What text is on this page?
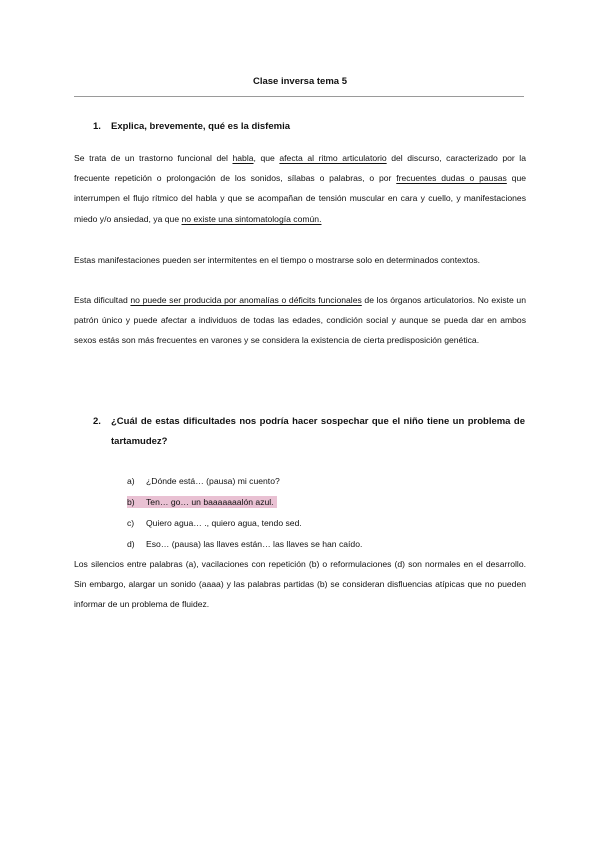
Clase inversa tema 5
1. Explica, brevemente, qué es la disfemia
Se trata de un trastorno funcional del habla, que afecta al ritmo articulatorio del discurso, caracterizado por la frecuente repetición o prolongación de los sonidos, sílabas o palabras, o por frecuentes dudas o pausas que interrumpen el flujo rítmico del habla y que se acompañan de tensión muscular en cara y cuello, y manifestaciones miedo y/o ansiedad, ya que no existe una sintomatología común.
Estas manifestaciones pueden ser intermitentes en el tiempo o mostrarse solo en determinados contextos.
Esta dificultad no puede ser producida por anomalías o déficits funcionales de los órganos articulatorios. No existe un patrón único y puede afectar a individuos de todas las edades, condición social y aunque se pueda dar en ambos sexos estás son más frecuentes en varones y se considera la existencia de cierta predisposición genética.
2. ¿Cuál de estas dificultades nos podría hacer sospechar que el niño tiene un problema de tartamudez?
a) ¿Dónde está… (pausa) mi cuento?
b) Ten… go… un baaaaaaalón azul.
c) Quiero agua… ., quiero agua, tendo sed.
d) Eso… (pausa) las llaves están… las llaves se han caído.
Los silencios entre palabras (a), vacilaciones con repetición (b) o reformulaciones (d) son normales en el desarrollo. Sin embargo, alargar un sonido (aaaa) y las palabras partidas (b) se consideran disfluencias atípicas que no pueden informar de un problema de fluidez.
